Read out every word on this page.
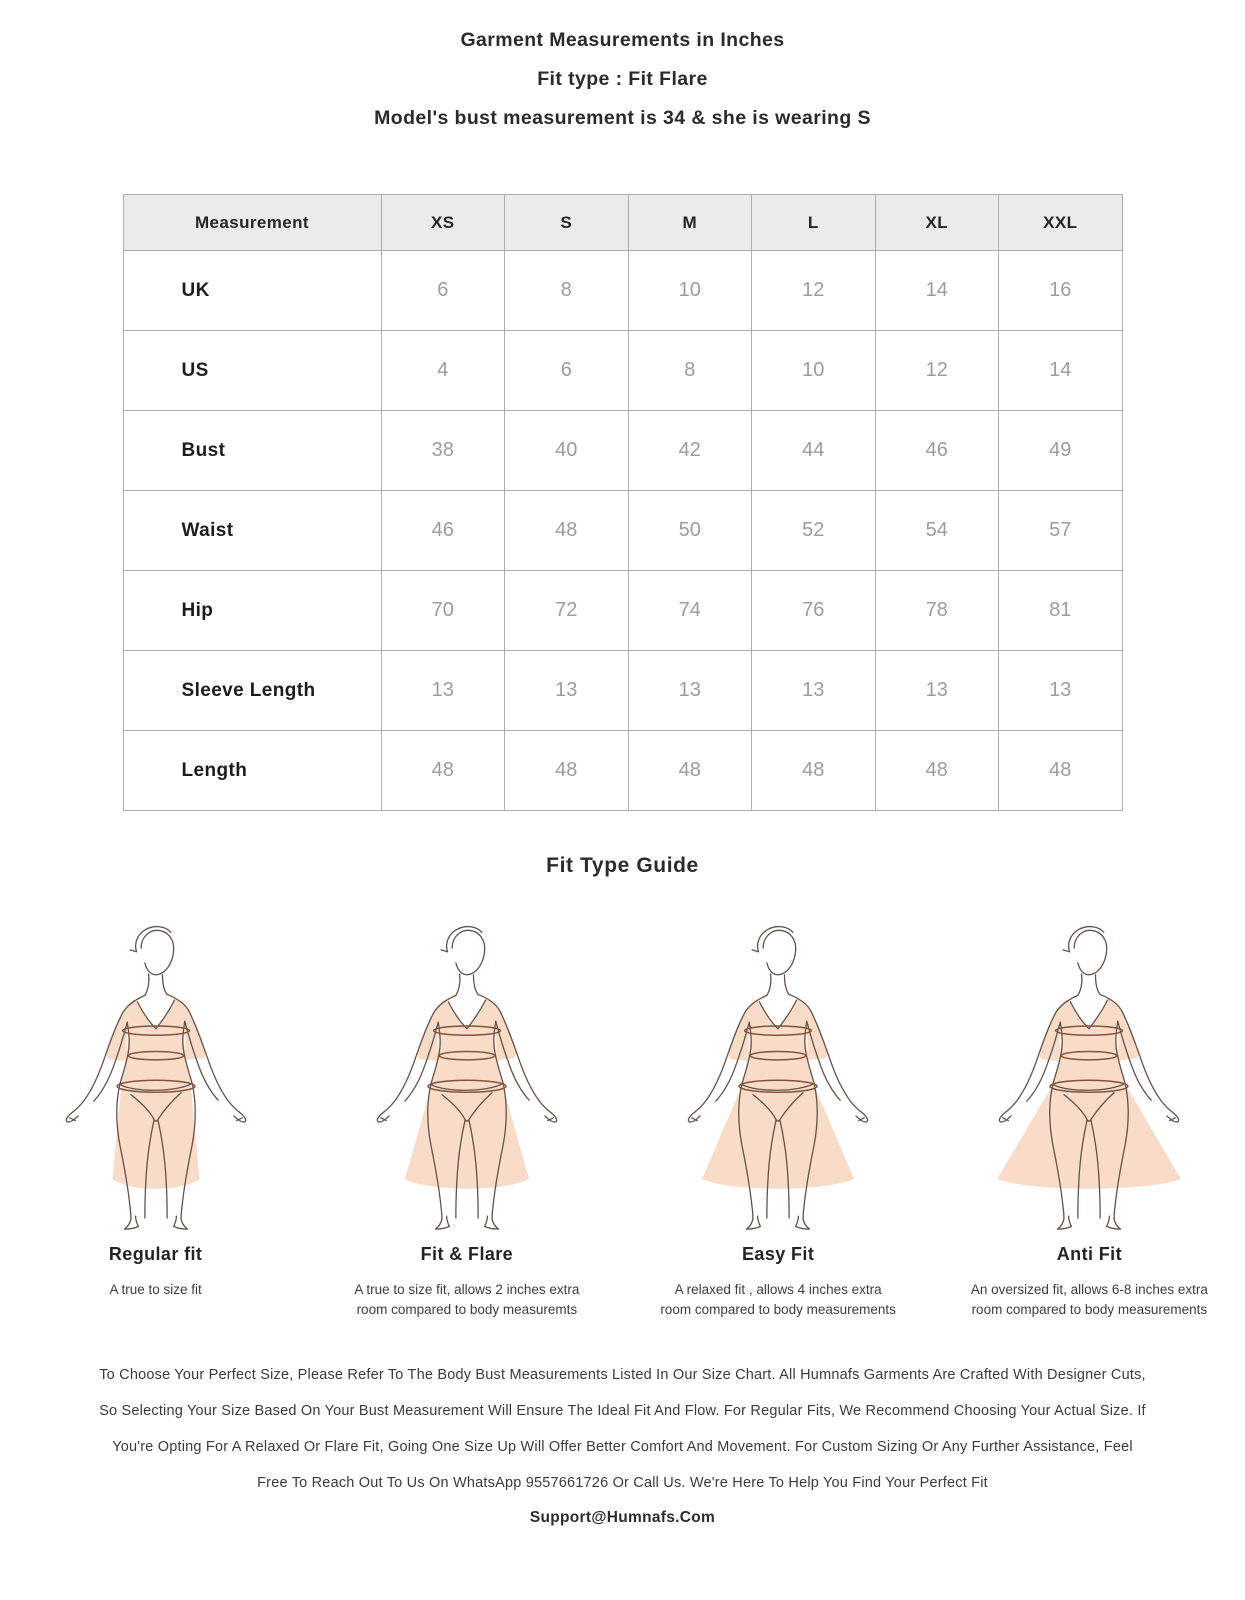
Garment Measurements in Inches
Fit type : Fit Flare
Model's bust measurement is 34 & she is wearing S
Measurement	XS	S	M	L	XL	XXL
UK	6	8	10	12	14	16
US	4	6	8	10	12	14
Bust	38	40	42	44	46	49
Waist	46	48	50	52	54	57
Hip	70	72	74	76	78	81
Sleeve Length	13	13	13	13	13	13
Length	48	48	48	48	48	48
Fit Type Guide
Regular fit
A true to size fit
Fit & Flare
A true to size fit, allows 2 inches extra room compared to body measuremts
Easy Fit
A relaxed fit , allows 4 inches extra room compared to body measurements
Anti Fit
An oversized fit, allows 6-8 inches extra room compared to body measurements
To Choose Your Perfect Size, Please Refer To The Body Bust Measurements Listed In Our Size Chart. All Humnafs Garments Are Crafted With Designer Cuts, So Selecting Your Size Based On Your Bust Measurement Will Ensure The Ideal Fit And Flow. For Regular Fits, We Recommend Choosing Your Actual Size. If You're Opting For A Relaxed Or Flare Fit, Going One Size Up Will Offer Better Comfort And Movement. For Custom Sizing Or Any Further Assistance, Feel Free To Reach Out To Us On WhatsApp 9557661726 Or Call Us. We're Here To Help You Find Your Perfect Fit
Support@Humnafs.Com
